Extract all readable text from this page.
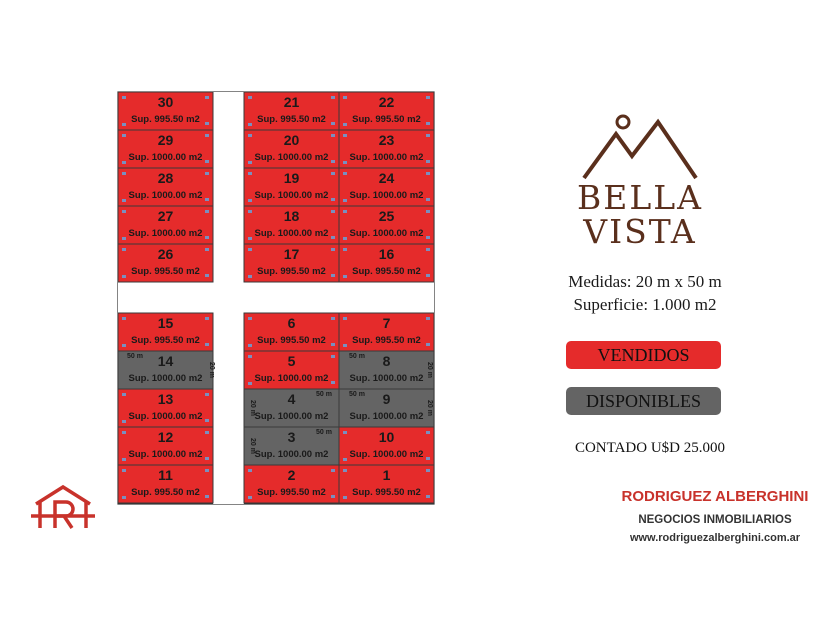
30
Sup. 995.50 m2
29
Sup. 1000.00 m2
28
Sup. 1000.00 m2
27
Sup. 1000.00 m2
26
Sup. 995.50 m2
21
Sup. 995.50 m2
20
Sup. 1000.00 m2
19
Sup. 1000.00 m2
18
Sup. 1000.00 m2
17
Sup. 995.50 m2
22
Sup. 995.50 m2
23
Sup. 1000.00 m2
24
Sup. 1000.00 m2
25
Sup. 1000.00 m2
16
Sup. 995.50 m2
15
Sup. 995.50 m2
14
Sup. 1000.00 m2
50 m
20 m
13
Sup. 1000.00 m2
12
Sup. 1000.00 m2
11
Sup. 995.50 m2
6
Sup. 995.50 m2
5
Sup. 1000.00 m2
4
Sup. 1000.00 m2
50 m
20 m
3
Sup. 1000.00 m2
50 m
20 m
2
Sup. 995.50 m2
7
Sup. 995.50 m2
8
Sup. 1000.00 m2
50 m
20 m
9
Sup. 1000.00 m2
50 m
20 m
10
Sup. 1000.00 m2
1
Sup. 995.50 m2
BELLA
VISTA
Medidas: 20 m x 50 m
Superficie: 1.000 m2
VENDIDOS
DISPONIBLES
CONTADO U$D 25.000
RODRIGUEZ ALBERGHINI
NEGOCIOS INMOBILIARIOS
www.rodriguezalberghini.com.ar
